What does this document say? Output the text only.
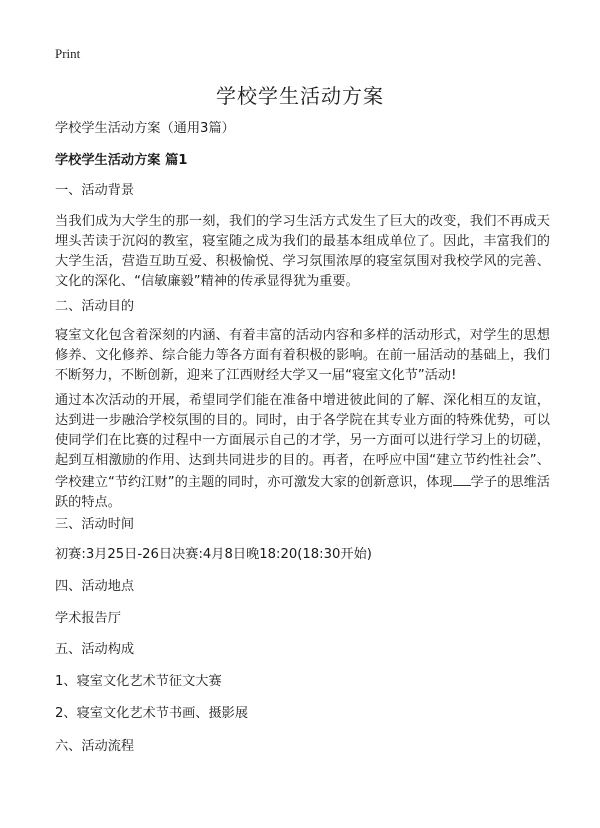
Print
学校学生活动方案

学校学生活动方案（通用3篇）

学校学生活动方案 篇1

一、活动背景

当我们成为大学生的那一刻，我们的学习生活方式发生了巨大的改变，我们不再成天埋头苦读于沉闷的教室，寝室随之成为我们的最基本组成单位了。因此，丰富我们的大学生活，营造互助互爱、积极愉悦、学习氛围浓厚的寝室氛围对我校学风的完善、文化的深化、“信敏廉毅”精神的传承显得犹为重要。

二、活动目的

寝室文化包含着深刻的内涵、有着丰富的活动内容和多样的活动形式，对学生的思想修养、文化修养、综合能力等各方面有着积极的影响。在前一届活动的基础上，我们不断努力，不断创新，迎来了江西财经大学又一届“寝室文化节”活动!

通过本次活动的开展，希望同学们能在准备中增进彼此间的了解、深化相互的友谊，达到进一步融洽学校氛围的目的。同时，由于各学院在其专业方面的特殊优势，可以使同学们在比赛的过程中一方面展示自己的才学，另一方面可以进行学习上的切磋，起到互相激励的作用、达到共同进步的目的。再者，在呼应中国“建立节约性社会”、学校建立“节约江财”的主题的同时，亦可激发大家的创新意识，体现 学子的思维活跃的特点。

三、活动时间

初赛:3月25日-26日决赛:4月8日晚18:20(18:30开始)

四、活动地点

学术报告厅

五、活动构成

1、寝室文化艺术节征文大赛

2、寝室文化艺术节书画、摄影展

六、活动流程
